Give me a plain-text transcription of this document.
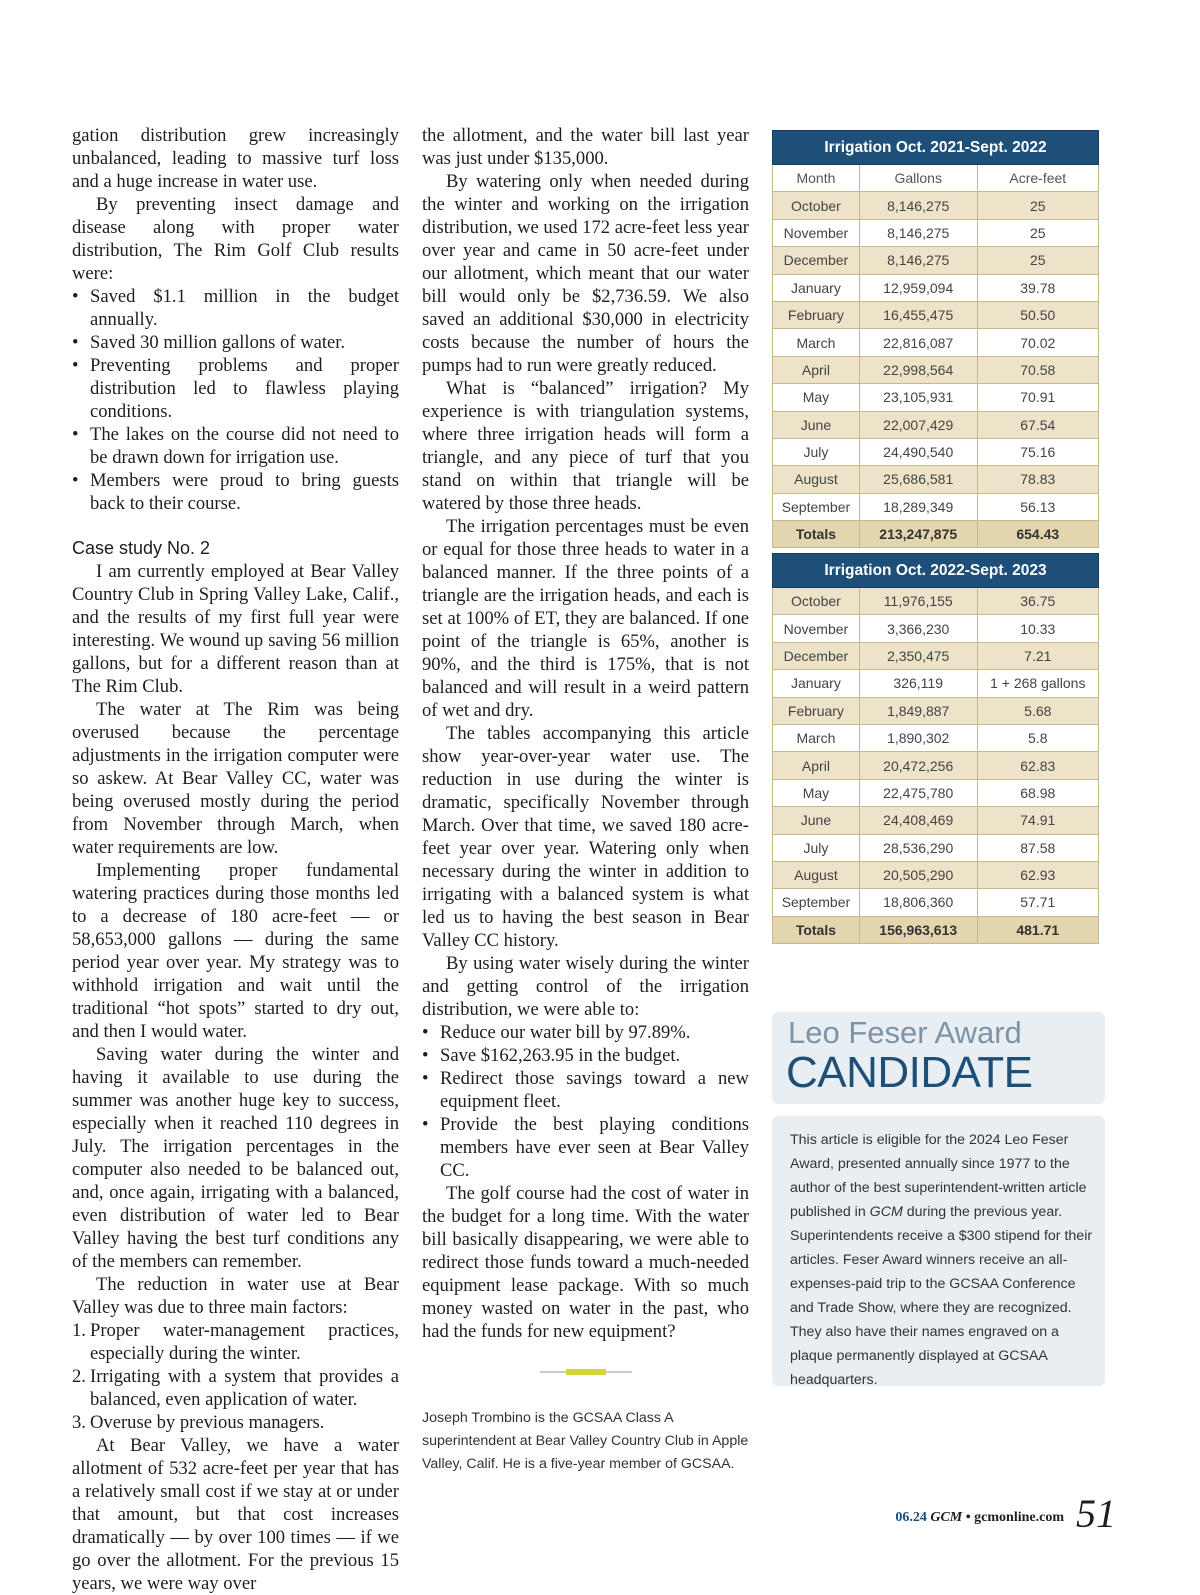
gation distribution grew increasingly unbalanced, leading to massive turf loss and a huge increase in water use.

By preventing insect damage and disease along with proper water distribution, The Rim Golf Club results were:

• Saved $1.1 million in the budget annually.
• Saved 30 million gallons of water.
• Preventing problems and proper distribution led to flawless playing conditions.
• The lakes on the course did not need to be drawn down for irrigation use.
• Members were proud to bring guests back to their course.
Case study No. 2

I am currently employed at Bear Valley Country Club in Spring Valley Lake, Calif., and the results of my first full year were interesting. We wound up saving 56 million gallons, but for a different reason than at The Rim Club.

The water at The Rim was being overused because the percentage adjustments in the irrigation computer were so askew. At Bear Valley CC, water was being overused mostly during the period from November through March, when water requirements are low.

Implementing proper fundamental watering practices during those months led to a decrease of 180 acre-feet — or 58,653,000 gallons — during the same period year over year. My strategy was to withhold irrigation and wait until the traditional “hot spots” started to dry out, and then I would water.

Saving water during the winter and having it available to use during the summer was another huge key to success, especially when it reached 110 degrees in July. The irrigation percentages in the computer also needed to be balanced out, and, once again, irrigating with a balanced, even distribution of water led to Bear Valley having the best turf conditions any of the members can remember.

The reduction in water use at Bear Valley was due to three main factors:

1. Proper water-management practices, especially during the winter.
2. Irrigating with a system that provides a balanced, even application of water.
3. Overuse by previous managers.

At Bear Valley, we have a water allotment of 532 acre-feet per year that has a relatively small cost if we stay at or under that amount, but that cost increases dramatically — by over 100 times — if we go over the allotment. For the previous 15 years, we were way over

the allotment, and the water bill last year was just under $135,000.

By watering only when needed during the winter and working on the irrigation distribution, we used 172 acre-feet less year over year and came in 50 acre-feet under our allotment, which meant that our water bill would only be $2,736.59. We also saved an additional $30,000 in electricity costs because the number of hours the pumps had to run were greatly reduced.

What is “balanced” irrigation? My experience is with triangulation systems, where three irrigation heads will form a triangle, and any piece of turf that you stand on within that triangle will be watered by those three heads.

The irrigation percentages must be even or equal for those three heads to water in a balanced manner. If the three points of a triangle are the irrigation heads, and each is set at 100% of ET, they are balanced. If one point of the triangle is 65%, another is 90%, and the third is 175%, that is not balanced and will result in a weird pattern of wet and dry.

The tables accompanying this article show year-over-year water use. The reduction in use during the winter is dramatic, specifically November through March. Over that time, we saved 180 acre-feet year over year. Watering only when necessary during the winter in addition to irrigating with a balanced system is what led us to having the best season in Bear Valley CC history.

By using water wisely during the winter and getting control of the irrigation distribution, we were able to:

• Reduce our water bill by 97.89%.
• Save $162,263.95 in the budget.
• Redirect those savings toward a new equipment fleet.
• Provide the best playing conditions members have ever seen at Bear Valley CC.

The golf course had the cost of water in the budget for a long time. With the water bill basically disappearing, we were able to redirect those funds toward a much-needed equipment lease package. With so much money wasted on water in the past, who had the funds for new equipment?

Joseph Trombino is the GCSAA Class A superintendent at Bear Valley Country Club in Apple Valley, Calif. He is a five-year member of GCSAA.
Irrigation Oct. 2021-Sept. 2022		
Month	Gallons	Acre-feet
October	8,146,275	25
November	8,146,275	25
December	8,146,275	25
January	12,959,094	39.78
February	16,455,475	50.50
March	22,816,087	70.02
April	22,998,564	70.58
May	23,105,931	70.91
June	22,007,429	67.54
July	24,490,540	75.16
August	25,686,581	78.83
September	18,289,349	56.13
Totals	213,247,875	654.43
Irrigation Oct. 2022-Sept. 2023		
October	11,976,155	36.75
November	3,366,230	10.33
December	2,350,475	7.21
January	326,119	1 + 268 gallons
February	1,849,887	5.68
March	1,890,302	5.8
April	20,472,256	62.83
May	22,475,780	68.98
June	24,408,469	74.91
July	28,536,290	87.58
August	20,505,290	62.93
September	18,806,360	57.71
Totals	156,963,613	481.71
Leo Feser Award
CANDIDATE
This article is eligible for the 2024 Leo Feser Award, presented annually since 1977 to the author of the best superintendent-written article published in GCM during the previous year. Superintendents receive a $300 stipend for their articles. Feser Award winners receive an all-expenses-paid trip to the GCSAA Conference and Trade Show, where they are recognized. They also have their names engraved on a plaque permanently displayed at GCSAA headquarters.
06.24 GCM • gcmonline.com 51
